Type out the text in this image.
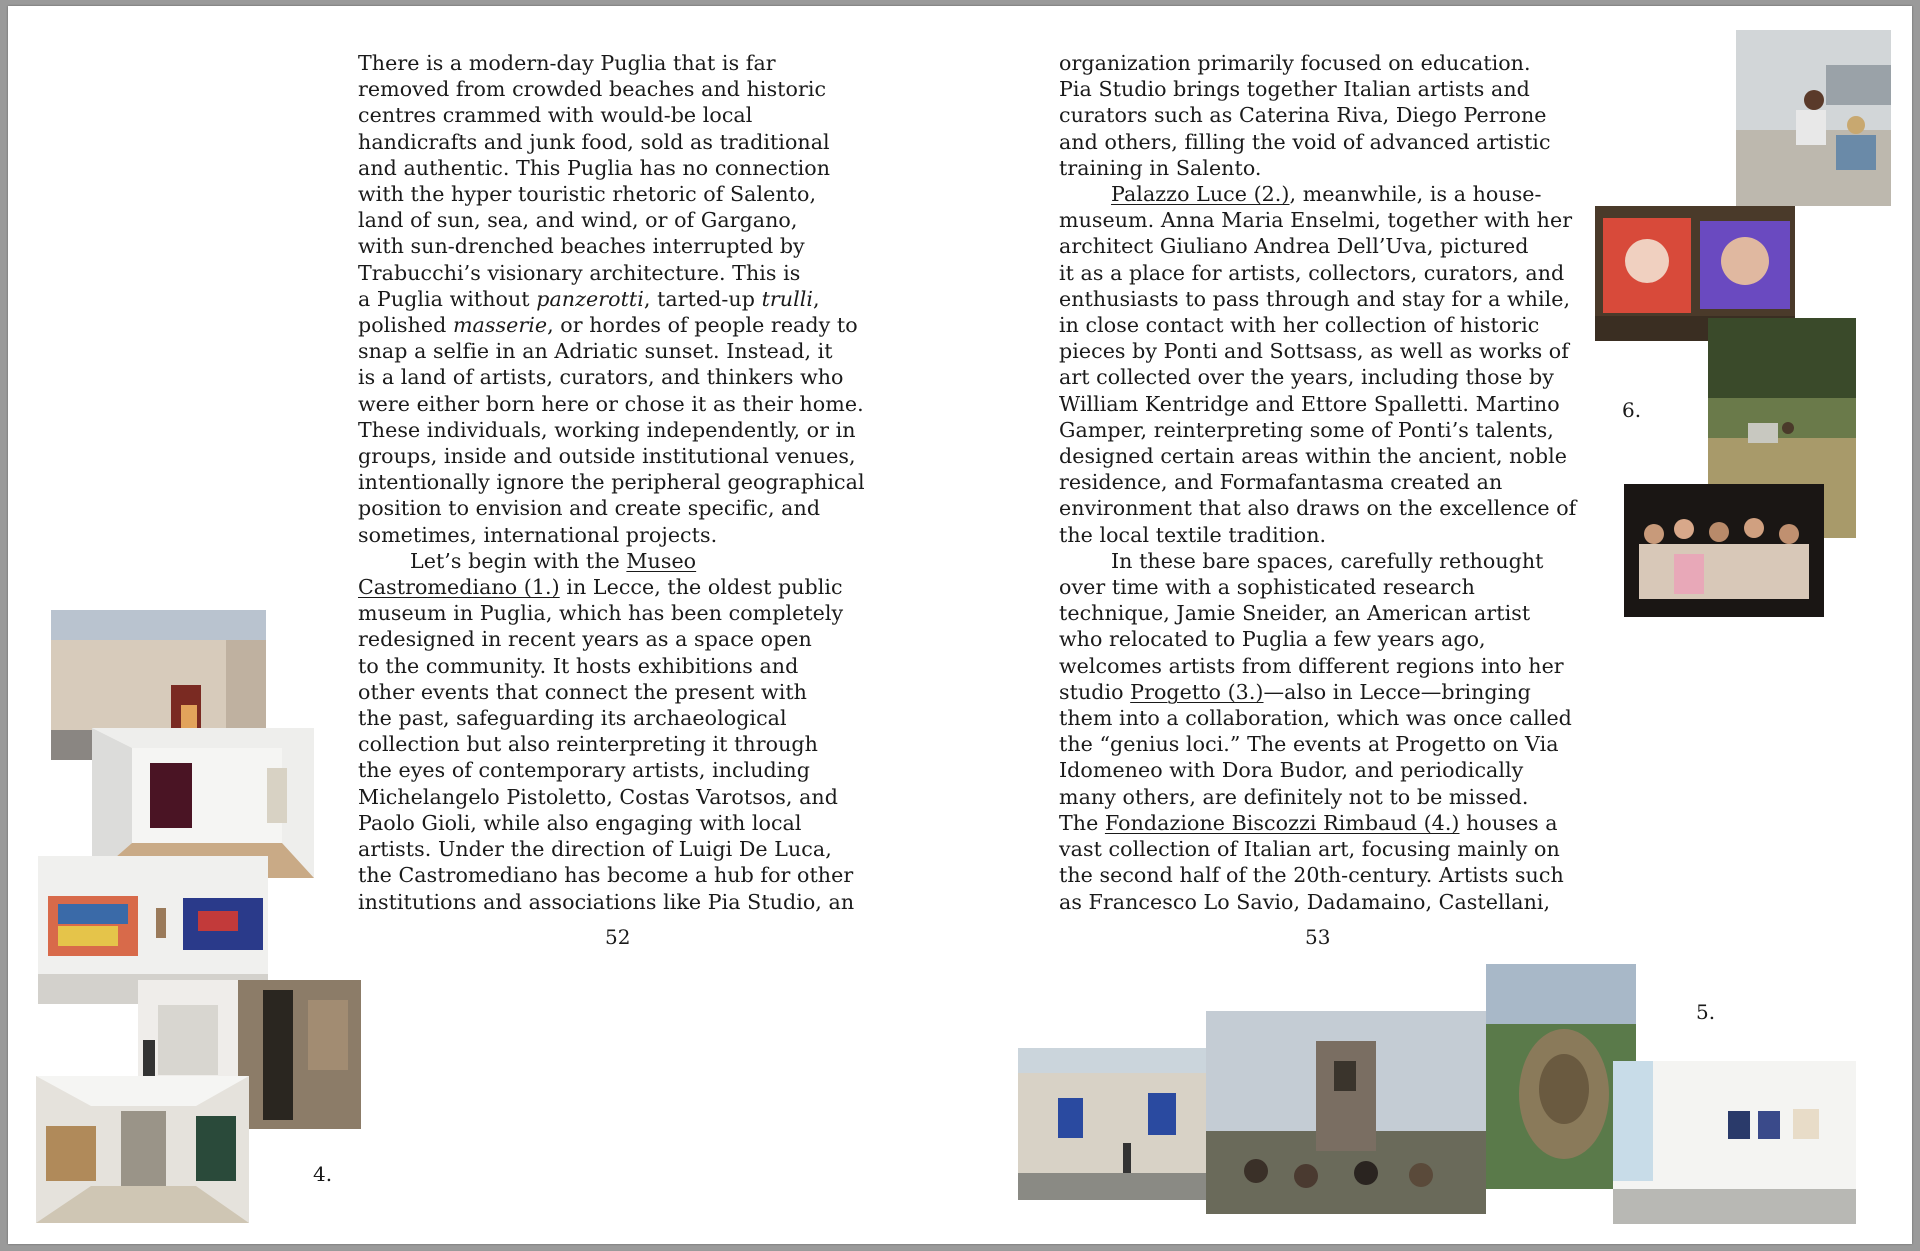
There is a modern-day Puglia that is far
removed from crowded beaches and historic
centres crammed with would-be local
handicrafts and junk food, sold as traditional
and authentic. This Puglia has no connection
with the hyper touristic rhetoric of Salento,
land of sun, sea, and wind, or of Gargano,
with sun-drenched beaches interrupted by
Trabucchi’s visionary architecture. This is
a Puglia without panzerotti, tarted-up trulli,
polished masserie, or hordes of people ready to
snap a selfie in an Adriatic sunset. Instead, it
is a land of artists, curators, and thinkers who
were either born here or chose it as their home.
These individuals, working independently, or in
groups, inside and outside institutional venues,
intentionally ignore the peripheral geographical
position to envision and create specific, and
sometimes, international projects.

Let’s begin with the Museo
Castromediano (1.) in Lecce, the oldest public
museum in Puglia, which has been completely
redesigned in recent years as a space open
to the community. It hosts exhibitions and
other events that connect the present with
the past, safeguarding its archaeological
collection but also reinterpreting it through
the eyes of contemporary artists, including
Michelangelo Pistoletto, Costas Varotsos, and
Paolo Gioli, while also engaging with local
artists. Under the direction of Luigi De Luca,
the Castromediano has become a hub for other
institutions and associations like Pia Studio, an

organization primarily focused on education.
Pia Studio brings together Italian artists and
curators such as Caterina Riva, Diego Perrone
and others, filling the void of advanced artistic
training in Salento.

Palazzo Luce (2.), meanwhile, is a house-
museum. Anna Maria Enselmi, together with her
architect Giuliano Andrea Dell’Uva, pictured
it as a place for artists, collectors, curators, and
enthusiasts to pass through and stay for a while,
in close contact with her collection of historic
pieces by Ponti and Sottsass, as well as works of
art collected over the years, including those by
William Kentridge and Ettore Spalletti. Martino
Gamper, reinterpreting some of Ponti’s talents,
designed certain areas within the ancient, noble
residence, and Formafantasma created an
environment that also draws on the excellence of
the local textile tradition.

In these bare spaces, carefully rethought
over time with a sophisticated research
technique, Jamie Sneider, an American artist
who relocated to Puglia a few years ago,
welcomes artists from different regions into her
studio Progetto (3.)—also in Lecce—bringing
them into a collaboration, which was once called
the “genius loci.” The events at Progetto on Via
Idomeneo with Dora Budor, and periodically
many others, are definitely not to be missed.
The Fondazione Biscozzi Rimbaud (4.) houses a
vast collection of Italian art, focusing mainly on
the second half of the 20th-century. Artists such
as Francesco Lo Savio, Dadamaino, Castellani,

52	53
4.
6.
5.
